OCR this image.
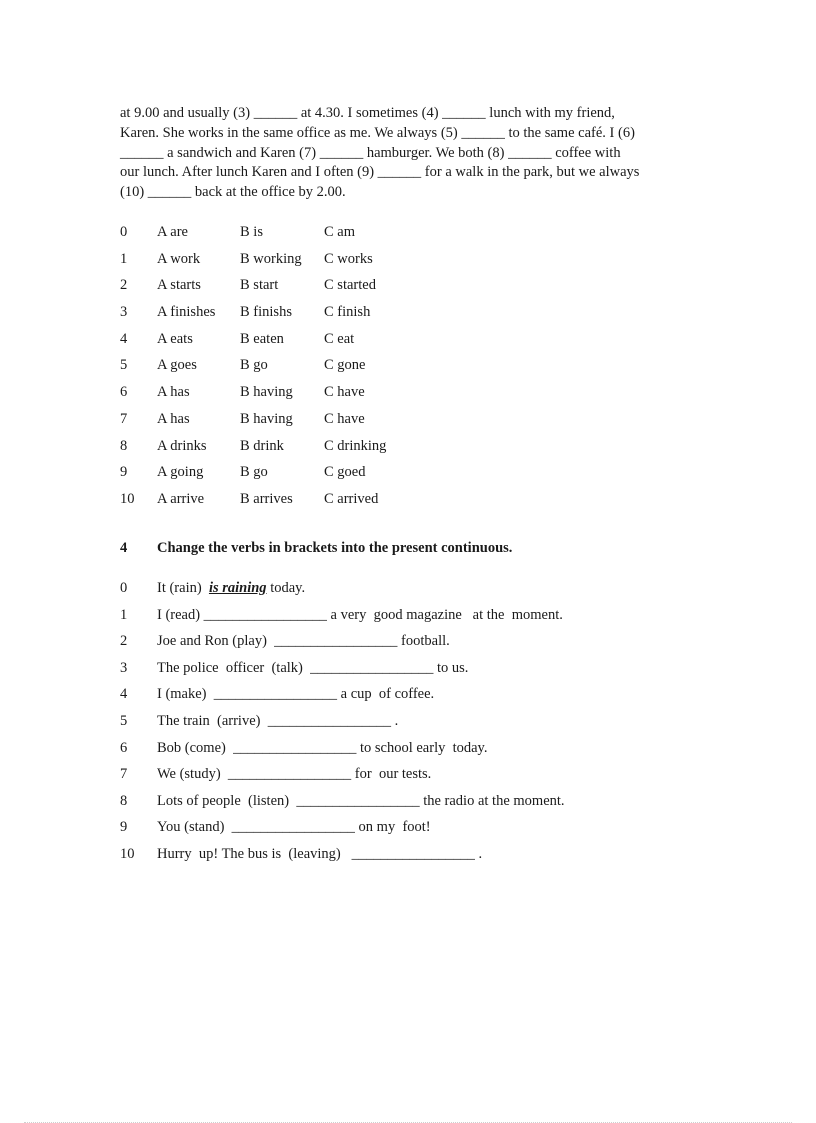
at 9.00 and usually (3) ______ at 4.30. I sometimes (4) ______ lunch with my friend,
Karen. She works in the same office as me. We always (5) ______ to the same café. I (6)
______ a sandwich and Karen (7) ______ hamburger. We both (8) ______ coffee with
our lunch. After lunch Karen and I often (9) ______ for a walk in the park, but we always
(10) ______ back at the office by 2.00.
0	A are	B is	C am
1	A work	B working	C works
2	A starts	B start	C started
3	A finishes	B finishs	C finish
4	A eats	B eaten	C eat
5	A goes	B go	C gone
6	A has	B having	C have
7	A has	B having	C have
8	A drinks	B drink	C drinking
9	A going	B go	C goed
10	A arrive	B arrives	C arrived
4	Change the verbs in brackets into the present continuous.
0	It (rain)  is raining today.
1	I (read) _________________ a very  good magazine   at the  moment.
2	Joe and Ron (play)  _________________ football.
3	The police  officer  (talk)  _________________ to us.
4	I (make)  _________________ a cup  of coffee.
5	The train  (arrive)  _________________ .
6	Bob (come)  _________________ to school early  today.
7	We (study)  _________________ for  our tests.
8	Lots of people  (listen)  _________________ the radio at the moment.
9	You (stand)  _________________ on my  foot!
10	Hurry  up! The bus is  (leaving)   _________________ .
